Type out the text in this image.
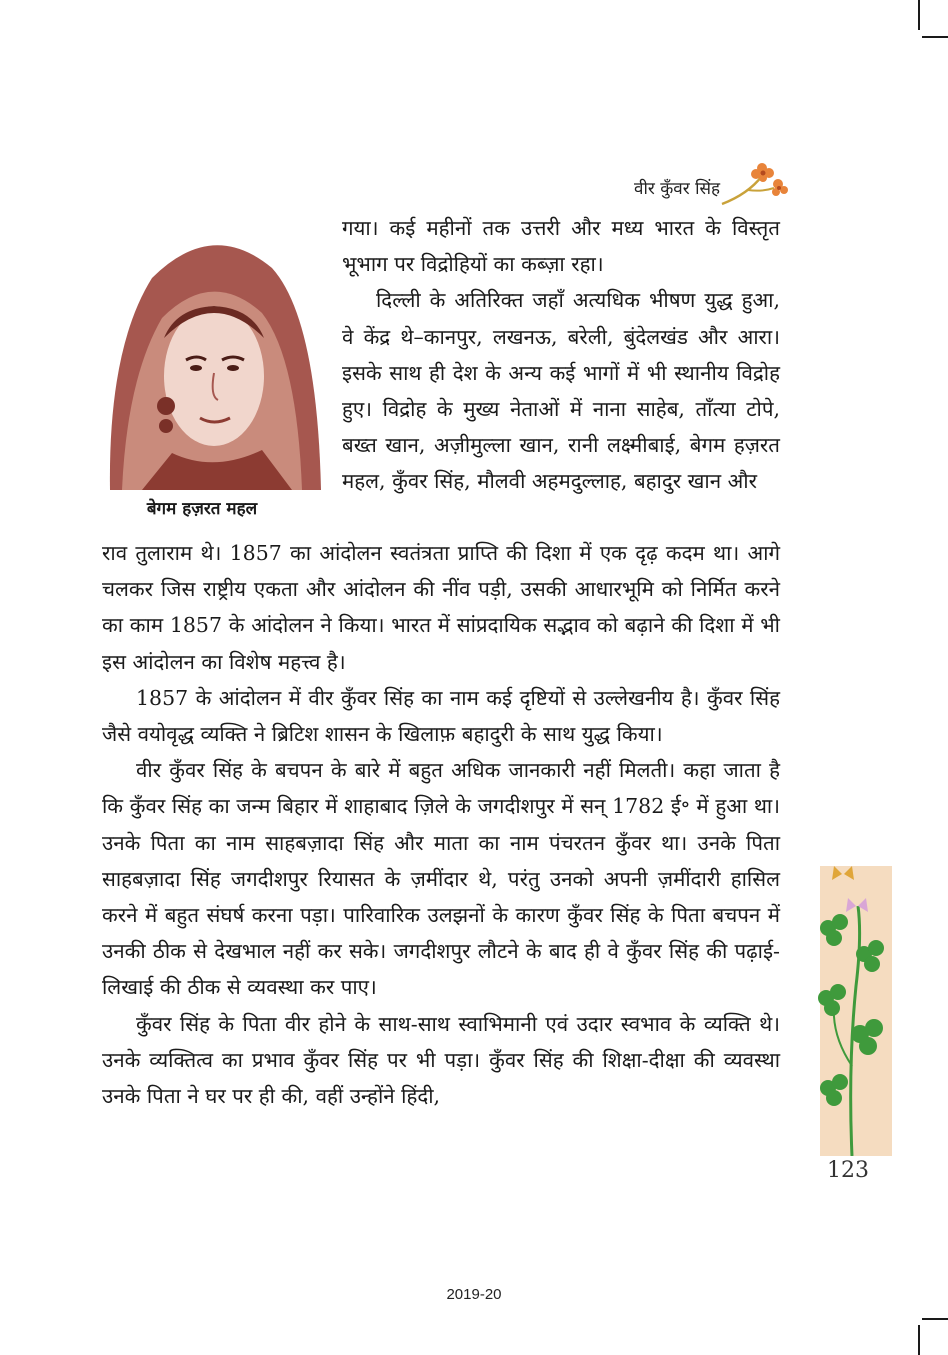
वीर कुँवर सिंह
बेगम हज़रत महल

गया। कई महीनों तक उत्तरी और मध्य भारत के विस्तृत भूभाग पर विद्रोहियों का कब्ज़ा रहा।

दिल्ली के अतिरिक्त जहाँ अत्यधिक भीषण युद्ध हुआ, वे केंद्र थे–कानपुर, लखनऊ, बरेली, बुंदेलखंड और आरा। इसके साथ ही देश के अन्य कई भागों में भी स्थानीय विद्रोह हुए। विद्रोह के मुख्य नेताओं में नाना साहेब, ताँत्या टोपे, बख्त खान, अज़ीमुल्ला खान, रानी लक्ष्मीबाई, बेगम हज़रत महल, कुँवर सिंह, मौलवी अहमदुल्लाह, बहादुर खान और

राव तुलाराम थे। 1857 का आंदोलन स्वतंत्रता प्राप्ति की दिशा में एक दृढ़ कदम था। आगे चलकर जिस राष्ट्रीय एकता और आंदोलन की नींव पड़ी, उसकी आधारभूमि को निर्मित करने का काम 1857 के आंदोलन ने किया। भारत में सांप्रदायिक सद्भाव को बढ़ाने की दिशा में भी इस आंदोलन का विशेष महत्त्व है।

1857 के आंदोलन में वीर कुँवर सिंह का नाम कई दृष्टियों से उल्लेखनीय है। कुँवर सिंह जैसे वयोवृद्ध व्यक्ति ने ब्रिटिश शासन के खिलाफ़ बहादुरी के साथ युद्ध किया।

वीर कुँवर सिंह के बचपन के बारे में बहुत अधिक जानकारी नहीं मिलती। कहा जाता है कि कुँवर सिंह का जन्म बिहार में शाहाबाद ज़िले के जगदीशपुर में सन् 1782 ई॰ में हुआ था। उनके पिता का नाम साहबज़ादा सिंह और माता का नाम पंचरतन कुँवर था। उनके पिता साहबज़ादा सिंह जगदीशपुर रियासत के ज़मींदार थे, परंतु उनको अपनी ज़मींदारी हासिल करने में बहुत संघर्ष करना पड़ा। पारिवारिक उलझनों के कारण कुँवर सिंह के पिता बचपन में उनकी ठीक से देखभाल नहीं कर सके। जगदीशपुर लौटने के बाद ही वे कुँवर सिंह की पढ़ाई-लिखाई की ठीक से व्यवस्था कर पाए।

कुँवर सिंह के पिता वीर होने के साथ-साथ स्वाभिमानी एवं उदार स्वभाव के व्यक्ति थे। उनके व्यक्तित्व का प्रभाव कुँवर सिंह पर भी पड़ा। कुँवर सिंह की शिक्षा-दीक्षा की व्यवस्था उनके पिता ने घर पर ही की, वहीं उन्होंने हिंदी,

123
2019-20
